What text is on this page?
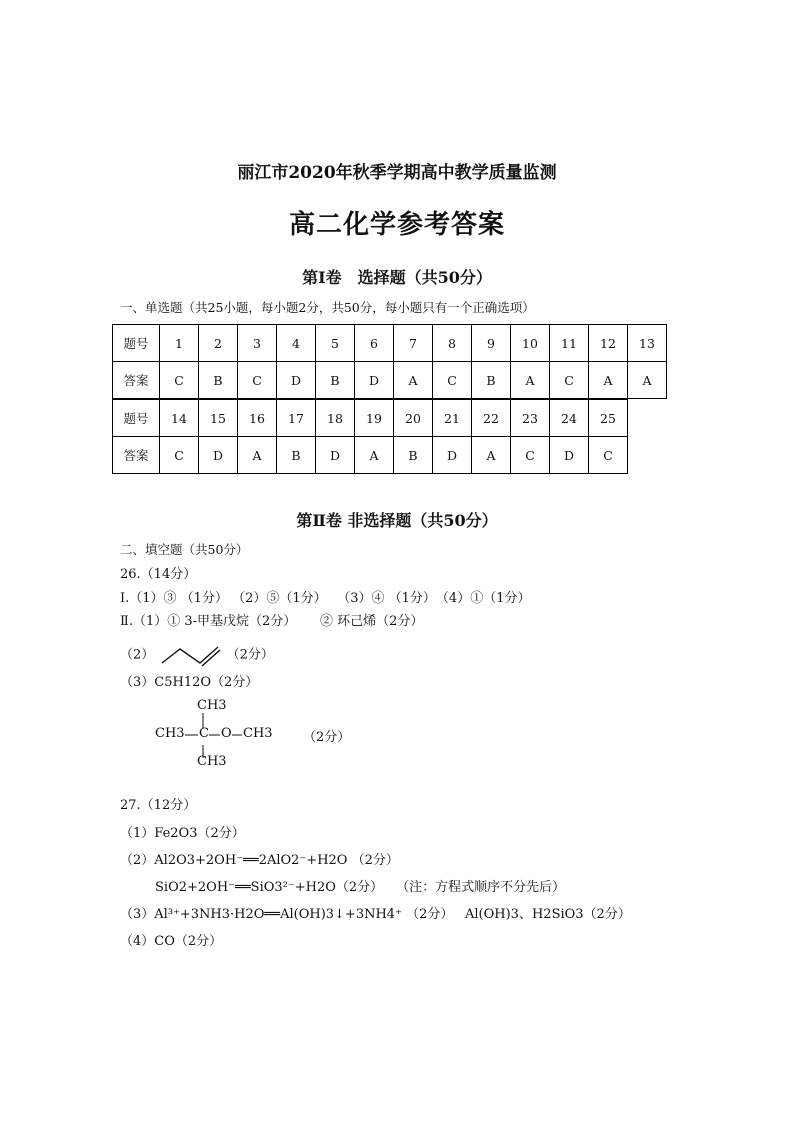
丽江市2020年秋季学期高中教学质量监测
高二化学参考答案
第Ⅰ卷　选择题（共50分）
一、单选题（共25小题，每小题2分，共50分，每小题只有一个正确选项）
题号	1	2	3	4	5	6	7	8	9	10	11	12	13
答案	C	B	C	D	B	D	A	C	B	A	C	A	A
题号	14	15	16	17	18	19	20	21	22	23	24	25
答案	C	D	A	B	D	A	B	D	A	C	D	C
第Ⅱ卷 非选择题（共50分）
二、填空题（共50分）
26.（14分）
Ⅰ.（1）③ （1分） （2）⑤（1分）　 （3）④ （1分）　（4）①（1分）
Ⅱ.（1）① 3-甲基戊烷（2分）　　 ② 环己烯（2分）
（2）	（2分）
（3）C5H12O（2分）
CH3
CH3 C O CH3
CH3
（2分）
27.（12分）
（1）Fe2O3（2分）
（2）Al2O3+2OH⁻══2AlO2⁻+H2O （2分）
SiO2+2OH⁻══SiO3²⁻+H2O（2分）　　（注：方程式顺序不分先后）
（3）Al³⁺+3NH3·H2O══Al(OH)3↓+3NH4⁺ （2分） Al(OH)3、H2SiO3（2分）
（4）CO（2分）
